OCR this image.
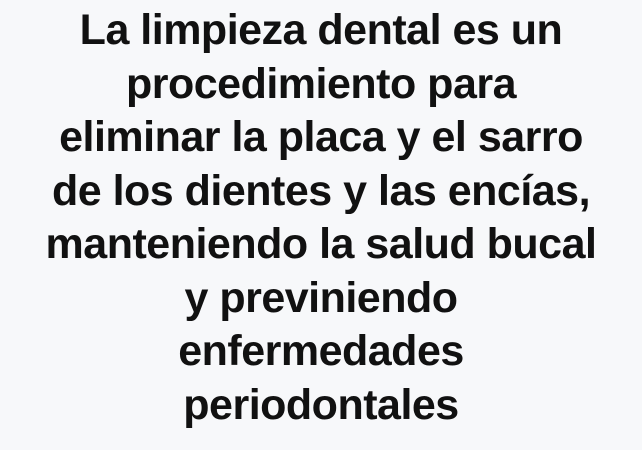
La limpieza dental es un
procedimiento para
eliminar la placa y el sarro
de los dientes y las encías,
manteniendo la salud bucal
y previniendo
enfermedades
periodontales
